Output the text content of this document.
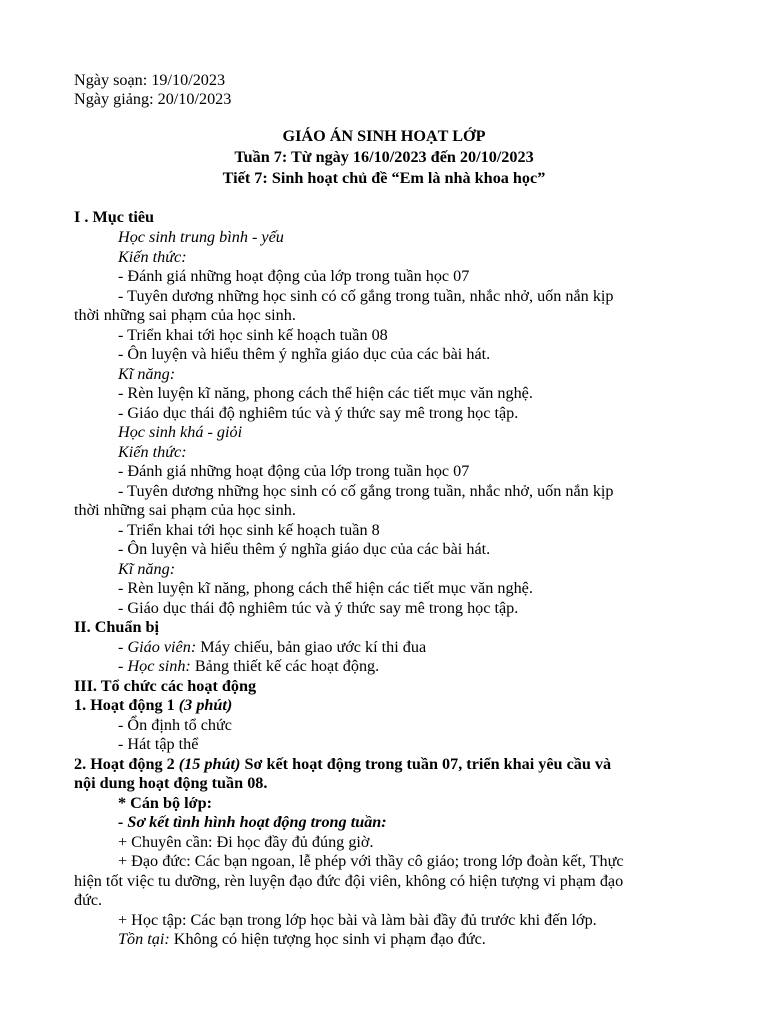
Ngày soạn: 19/10/2023
Ngày giảng: 20/10/2023
GIÁO ÁN SINH HOẠT LỚP
Tuần 7: Từ ngày 16/10/2023 đến 20/10/2023
Tiết 7: Sinh hoạt chủ đề “Em là nhà khoa học”
I . Mục tiêu
Học sinh trung bình - yếu
Kiến thức:
- Đánh giá những hoạt động của lớp trong tuần học 07
- Tuyên dương những học sinh có cố gắng trong tuần, nhắc nhở, uốn nắn kịp
thời những sai phạm của học sinh.
- Triển khai tới học sinh kế hoạch tuần 08
- Ôn luyện và hiểu thêm ý nghĩa giáo dục của các bài hát.
Kĩ năng:
- Rèn luyện kĩ năng, phong cách thể hiện các tiết mục văn nghệ.
- Giáo dục thái độ nghiêm túc và ý thức say mê trong học tập.
Học sinh khá - giỏi
Kiến thức:
- Đánh giá những hoạt động của lớp trong tuần học 07
- Tuyên dương những học sinh có cố gắng trong tuần, nhắc nhở, uốn nắn kịp
thời những sai phạm của học sinh.
- Triển khai tới học sinh kế hoạch tuần 8
- Ôn luyện và hiểu thêm ý nghĩa giáo dục của các bài hát.
Kĩ năng:
- Rèn luyện kĩ năng, phong cách thể hiện các tiết mục văn nghệ.
- Giáo dục thái độ nghiêm túc và ý thức say mê trong học tập.
II. Chuẩn bị
- Giáo viên: Máy chiếu, bản giao ước kí thi đua
- Học sinh: Bảng thiết kế các hoạt động.
III. Tổ chức các hoạt động
1. Hoạt động 1 (3 phút)
- Ổn định tổ chức
- Hát tập thể
2. Hoạt động 2 (15 phút) Sơ kết hoạt động trong tuần 07, triển khai yêu cầu và
nội dung hoạt động tuần 08.
* Cán bộ lớp:
- Sơ kết tình hình hoạt động trong tuần:
+ Chuyên cần: Đi học đầy đủ đúng giờ.
+ Đạo đức: Các bạn ngoan, lễ phép với thầy cô giáo; trong lớp đoàn kết, Thực
hiện tốt việc tu dưỡng, rèn luyện đạo đức đội viên, không có hiện tượng vi phạm đạo
đức.
+ Học tập: Các bạn trong lớp học bài và làm bài đầy đủ trước khi đến lớp.
Tồn tại: Không có hiện tượng học sinh vi phạm đạo đức.
